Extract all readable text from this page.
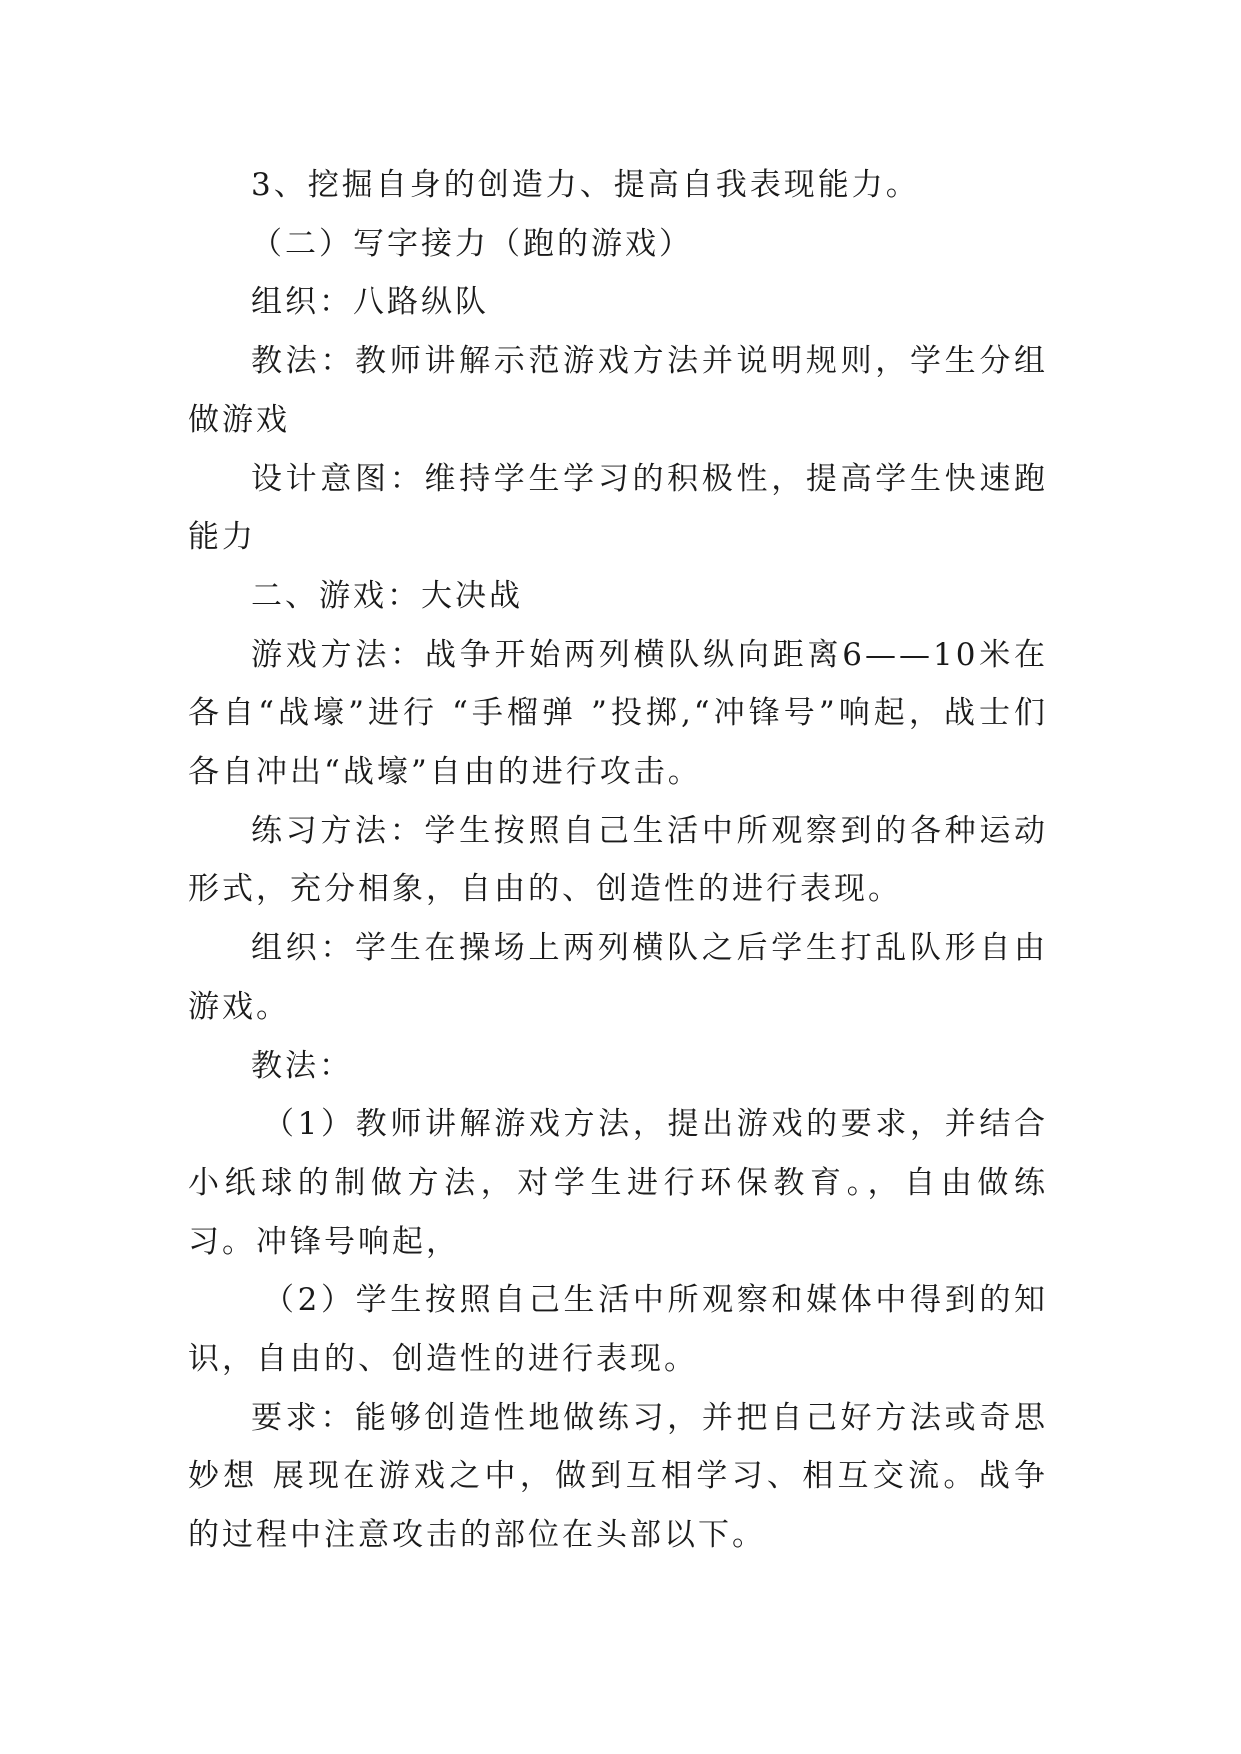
3、挖掘自身的创造力、提高自我表现能力。

（二）写字接力（跑的游戏）

组织：八路纵队

教法：教师讲解示范游戏方法并说明规则，学生分组做游戏

设计意图：维持学生学习的积极性，提高学生快速跑能力

二、游戏：大决战

游戏方法：战争开始两列横队纵向距离6——10米在各自“战壕”进行 “手榴弹 ”投掷,“冲锋号”响起，战士们各自冲出“战壕”自由的进行攻击。

练习方法：学生按照自己生活中所观察到的各种运动形式，充分相象，自由的、创造性的进行表现。

组织：学生在操场上两列横队之后学生打乱队形自由游戏。

教法：

（1）教师讲解游戏方法，提出游戏的要求，并结合小纸球的制做方法，对学生进行环保教育。，自由做练习。冲锋号响起，

（2）学生按照自己生活中所观察和媒体中得到的知识，自由的、创造性的进行表现。

要求：能够创造性地做练习，并把自己好方法或奇思妙想 展现在游戏之中，做到互相学习、相互交流。战争的过程中注意攻击的部位在头部以下。
